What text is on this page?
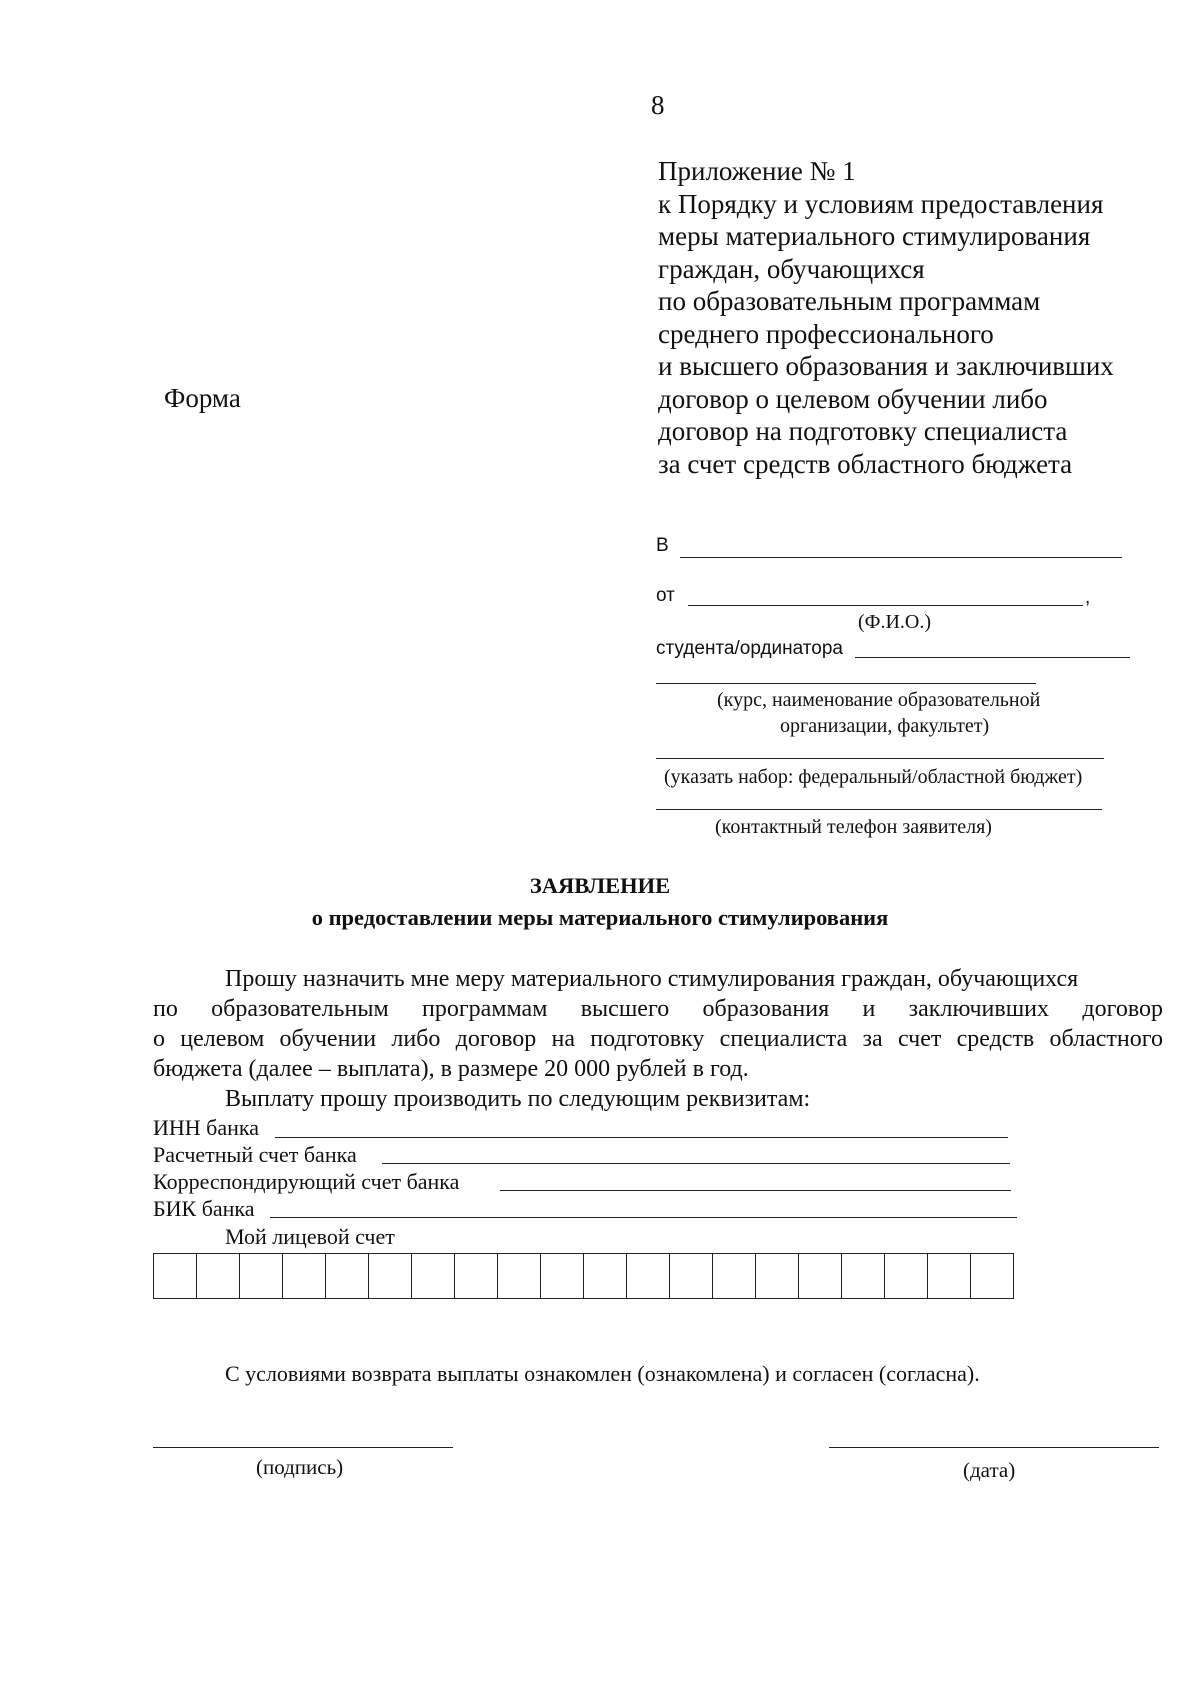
8
Приложение № 1
к Порядку и условиям предоставления
меры материального стимулирования
граждан, обучающихся
по образовательным программам
среднего профессионального
и высшего образования и заключивших
договор о целевом обучении либо
договор на подготовку специалиста
за счет средств областного бюджета
Форма
В
от	,
(Ф.И.О.)
студента/ординатора
(курс, наименование образовательной
организации, факультет)
(указать набор: федеральный/областной бюджет)
(контактный телефон заявителя)
ЗАЯВЛЕНИЕ
о предоставлении меры материального стимулирования
Прошу назначить мне меру материального стимулирования граждан, обучающихся
по образовательным программам высшего образования и заключивших договор
о целевом обучении либо договор на подготовку специалиста за счет средств областного
бюджета (далее – выплата), в размере 20 000 рублей в год.
Выплату прошу производить по следующим реквизитам:
ИНН банка
Расчетный счет банка
Корреспондирующий счет банка
БИК банка
Мой лицевой счет

С условиями возврата выплаты ознакомлен (ознакомлена) и согласен (согласна).
(подпись)	(дата)
